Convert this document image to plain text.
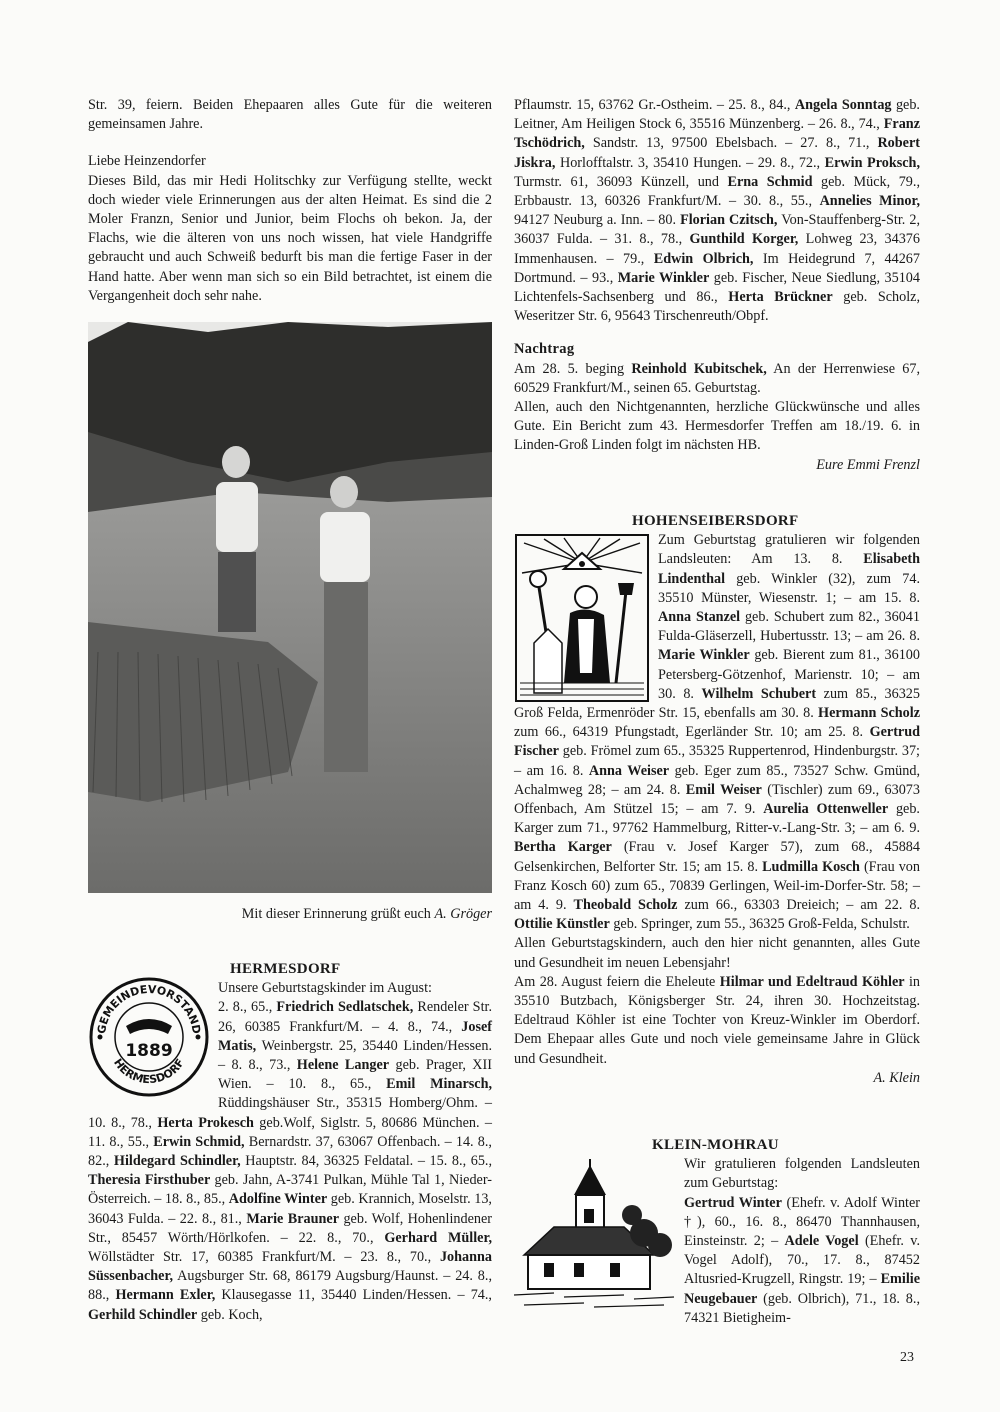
Str. 39, feiern. Beiden Ehepaaren alles Gute für die weiteren gemeinsamen Jahre.

Liebe Heinzendorfer

Dieses Bild, das mir Hedi Holitschky zur Verfügung stellte, weckt doch wieder viele Erinnerungen aus der alten Heimat. Es sind die 2 Moler Franzn, Senior und Junior, beim Flochs oh bekon. Ja, der Flachs, wie die älteren von uns noch wissen, hat viele Handgriffe gebraucht und auch Schweiß bedurft bis man die fertige Faser in der Hand hatte. Aber wenn man sich so ein Bild betrachtet, ist einem die Vergangenheit doch sehr nahe.

Mit dieser Erinnerung grüßt euch A. Gröger
GEMEINDEVORSTAND
HERMESDORF
1889
HERMESDORF

Unsere Geburtstagskinder im August:
2. 8., 65., Friedrich Sedlatschek, Rendeler Str. 26, 60385 Frankfurt/M. – 4. 8., 74., Josef Matis, Weinbergstr. 25, 35440 Linden/Hessen. – 8. 8., 73., Helene Langer geb. Prager, XII Wien. – 10. 8., 65., Emil Minarsch, Rüddingshäuser Str., 35315 Homberg/Ohm. – 10. 8., 78., Herta Prokesch geb.Wolf, Siglstr. 5, 80686 München. – 11. 8., 55., Erwin Schmid, Bernardstr. 37, 63067 Offenbach. – 14. 8., 82., Hildegard Schindler, Hauptstr. 84, 36325 Feldatal. – 15. 8., 65., Theresia Firsthuber geb. Jahn, A-3741 Pulkan, Mühle Tal 1, Nieder-Österreich. – 18. 8., 85., Adolfine Winter geb. Krannich, Moselstr. 13, 36043 Fulda. – 22. 8., 81., Marie Brauner geb. Wolf, Hohenlindener Str., 85457 Wörth/Hörlkofen. – 22. 8., 70., Gerhard Müller, Wöllstädter Str. 17, 60385 Frankfurt/M. – 23. 8., 70., Johanna Süssenbacher, Augsburger Str. 68, 86179 Augsburg/Haunst. – 24. 8., 88., Hermann Exler, Klausegasse 11, 35440 Linden/Hessen. – 74., Gerhild Schindler geb. Koch,

Pflaumstr. 15, 63762 Gr.-Ostheim. – 25. 8., 84., Angela Sonntag geb. Leitner, Am Heiligen Stock 6, 35516 Münzenberg. – 26. 8., 74., Franz Tschödrich, Sandstr. 13, 97500 Ebelsbach. – 27. 8., 71., Robert Jiskra, Horlofftalstr. 3, 35410 Hungen. – 29. 8., 72., Erwin Proksch, Turmstr. 61, 36093 Künzell, und Erna Schmid geb. Mück, 79., Erbbaustr. 13, 60326 Frankfurt/M. – 30. 8., 55., Annelies Minor, 94127 Neuburg a. Inn. – 80. Florian Czitsch, Von-Stauffenberg-Str. 2, 36037 Fulda. – 31. 8., 78., Gunthild Korger, Lohweg 23, 34376 Immenhausen. – 79., Edwin Olbrich, Im Heidegrund 7, 44267 Dortmund. – 93., Marie Winkler geb. Fischer, Neue Siedlung, 35104 Lichtenfels-Sachsenberg und 86., Herta Brückner geb. Scholz, Weseritzer Str. 6, 95643 Tirschenreuth/Obpf.

Nachtrag

Am 28. 5. beging Reinhold Kubitschek, An der Herrenwiese 67, 60529 Frankfurt/M., seinen 65. Geburtstag.

Allen, auch den Nichtgenannten, herzliche Glückwünsche und alles Gute. Ein Bericht zum 43. Hermesdorfer Treffen am 18./19. 6. in Linden-Groß Linden folgt im nächsten HB.

Eure Emmi Frenzl

HOHENSEIBERSDORF

Zum Geburtstag gratulieren wir folgenden Landsleuten: Am 13. 8. Elisabeth Lindenthal geb. Winkler (32), zum 74. 35510 Münster, Wiesenstr. 1; – am 15. 8. Anna Stanzel geb. Schubert zum 82., 36041 Fulda-Gläserzell, Hubertusstr. 13; – am 26. 8. Marie Winkler geb. Bierent zum 81., 36100 Petersberg-Götzenhof, Marienstr. 10; – am 30. 8. Wilhelm Schubert zum 85., 36325 Groß Felda, Ermenröder Str. 15, ebenfalls am 30. 8. Hermann Scholz zum 66., 64319 Pfungstadt, Egerländer Str. 10; am 25. 8. Gertrud Fischer geb. Frömel zum 65., 35325 Ruppertenrod, Hindenburgstr. 37; – am 16. 8. Anna Weiser geb. Eger zum 85., 73527 Schw. Gmünd, Achalmweg 28; – am 24. 8. Emil Weiser (Tischler) zum 69., 63073 Offenbach, Am Stützel 15; – am 7. 9. Aurelia Ottenweller geb. Karger zum 71., 97762 Hammelburg, Ritter-v.-Lang-Str. 3; – am 6. 9. Bertha Karger (Frau v. Josef Karger 57), zum 68., 45884 Gelsenkirchen, Belforter Str. 15; am 15. 8. Ludmilla Kosch (Frau von Franz Kosch 60) zum 65., 70839 Gerlingen, Weil-im-Dorfer-Str. 58; – am 4. 9. Theobald Scholz zum 66., 63303 Dreieich; – am 22. 8. Ottilie Künstler geb. Springer, zum 55., 36325 Groß-Felda, Schulstr.

Allen Geburtstagskindern, auch den hier nicht genannten, alles Gute und Gesundheit im neuen Lebensjahr!

Am 28. August feiern die Eheleute Hilmar und Edeltraud Köhler in 35510 Butzbach, Königsberger Str. 24, ihren 30. Hochzeitstag. Edeltraud Köhler ist eine Tochter von Kreuz-Winkler im Oberdorf. Dem Ehepaar alles Gute und noch viele gemeinsame Jahre in Glück und Gesundheit.

A. Klein

KLEIN-MOHRAU

Wir gratulieren folgenden Landsleuten zum Geburtstag:
Gertrud Winter (Ehefr. v. Adolf Winter †), 60., 16. 8., 86470 Thannhausen, Einsteinstr. 2; – Adele Vogel (Ehefr. v. Vogel Adolf), 70., 17. 8., 87452 Altusried-Krugzell, Ringstr. 19; – Emilie Neugebauer (geb. Olbrich), 71., 18. 8., 74321 Bietigheim-

23
